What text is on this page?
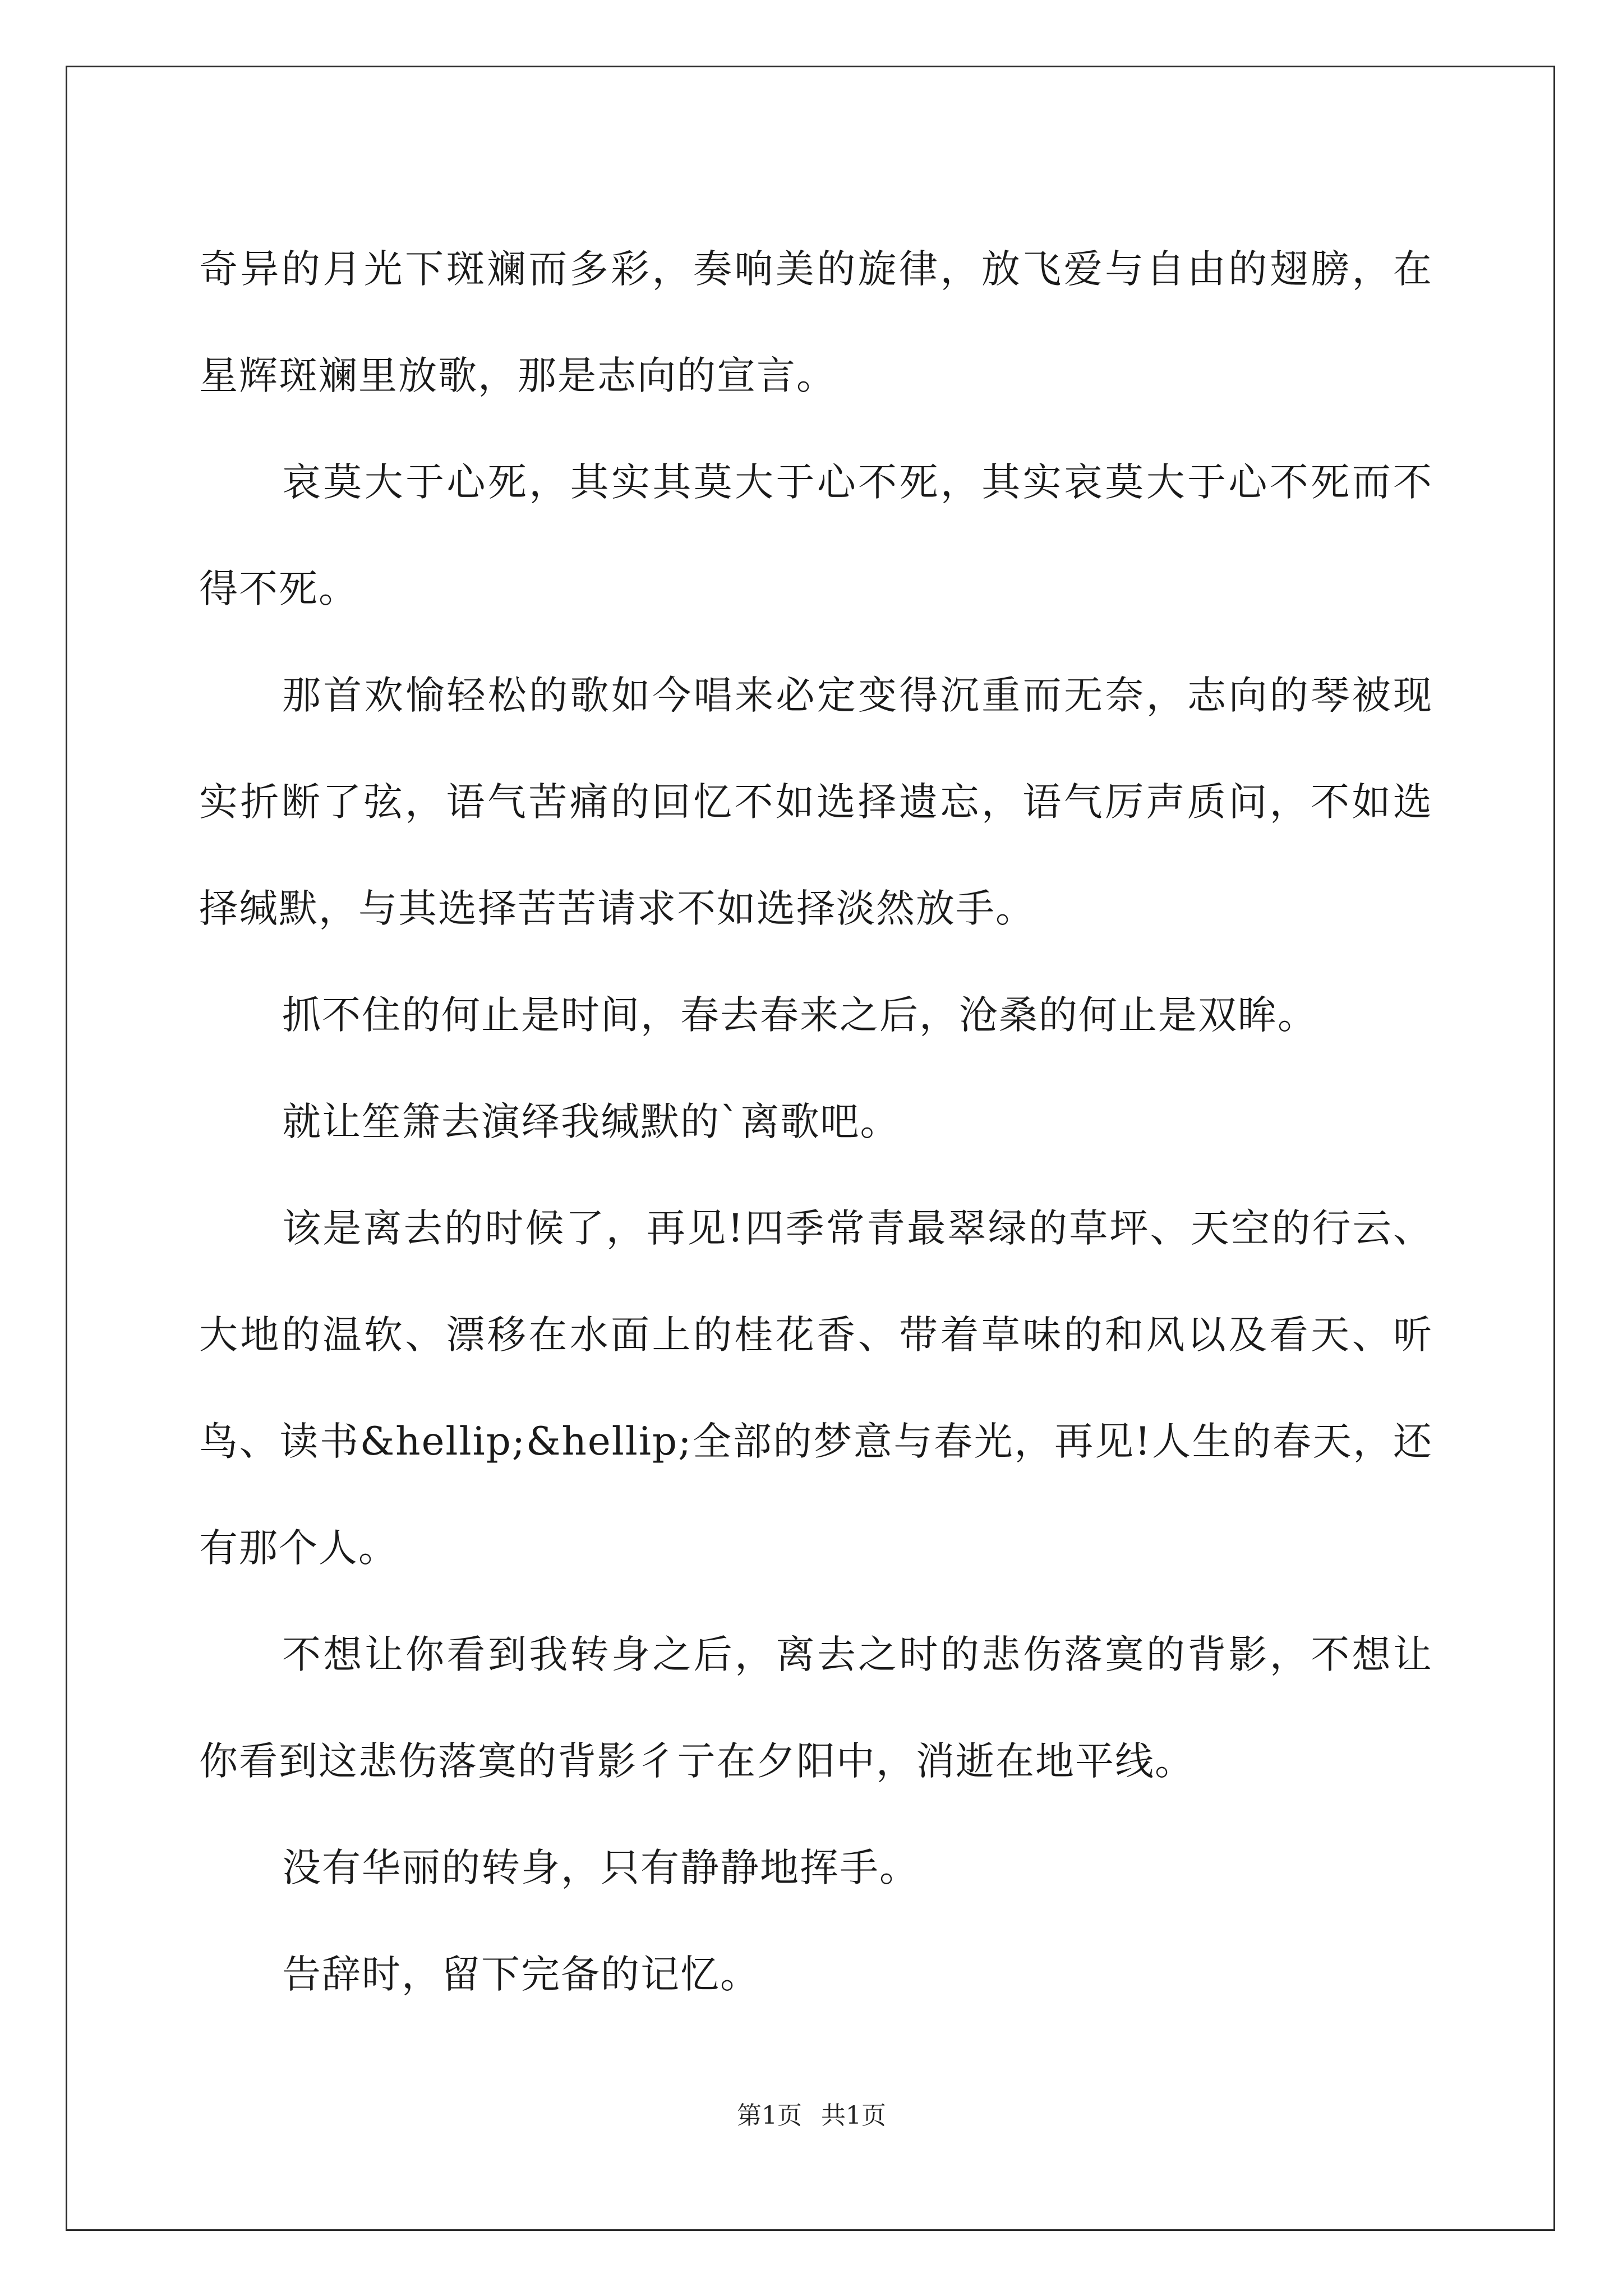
奇异的月光下斑斓而多彩，奏响美的旋律，放飞爱与自由的翅膀，在星辉斑斓里放歌，那是志向的宣言。

哀莫大于心死，其实其莫大于心不死，其实哀莫大于心不死而不得不死。

那首欢愉轻松的歌如今唱来必定变得沉重而无奈，志向的琴被现实折断了弦，语气苦痛的回忆不如选择遗忘，语气厉声质问，不如选择缄默，与其选择苦苦请求不如选择淡然放手。

抓不住的何止是时间，春去春来之后，沧桑的何止是双眸。

就让笙箫去演绎我缄默的`离歌吧。

该是离去的时候了，再见!四季常青最翠绿的草坪、天空的行云、大地的温软、漂移在水面上的桂花香、带着草味的和风以及看天、听鸟、读书&hellip;&hellip;全部的梦意与春光，再见!人生的春天，还有那个人。

不想让你看到我转身之后，离去之时的悲伤落寞的背影，不想让你看到这悲伤落寞的背影彳亍在夕阳中，消逝在地平线。

没有华丽的转身，只有静静地挥手。

告辞时，留下完备的记忆。

第1页 共1页
